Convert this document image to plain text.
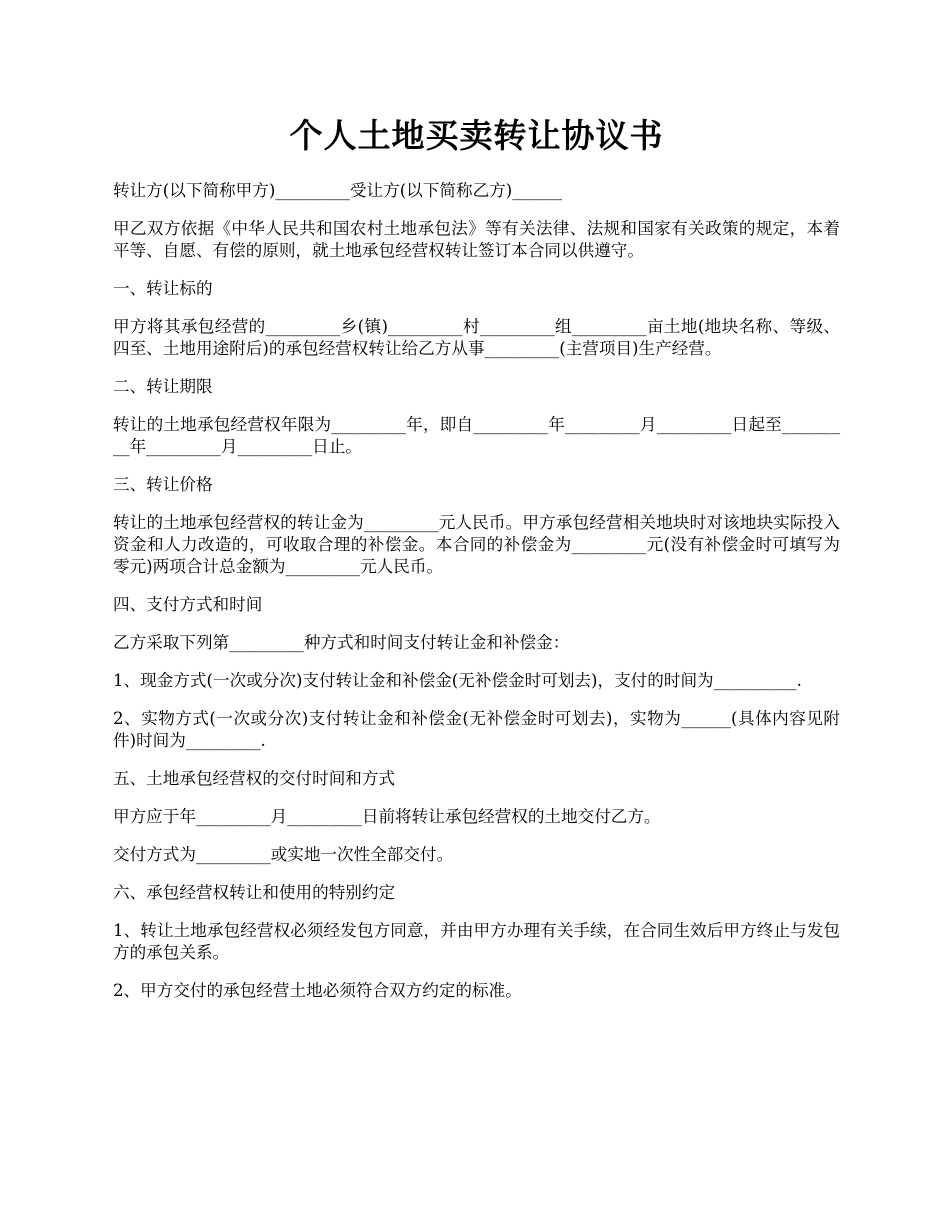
个人土地买卖转让协议书

转让方(以下简称甲方)_________受让方(以下简称乙方)______

甲乙双方依据《中华人民共和国农村土地承包法》等有关法律、法规和国家有关政策的规定，本着平等、自愿、有偿的原则，就土地承包经营权转让签订本合同以供遵守。

一、转让标的

甲方将其承包经营的_________乡(镇)_________村_________组_________亩土地(地块名称、等级、四至、土地用途附后)的承包经营权转让给乙方从事_________(主营项目)生产经营。

二、转让期限

转让的土地承包经营权年限为_________年，即自_________年_________月_________日起至_________年_________月_________日止。

三、转让价格

转让的土地承包经营权的转让金为_________元人民币。甲方承包经营相关地块时对该地块实际投入资金和人力改造的，可收取合理的补偿金。本合同的补偿金为_________元(没有补偿金时可填写为零元)两项合计总金额为_________元人民币。

四、支付方式和时间

乙方采取下列第_________种方式和时间支付转让金和补偿金：

1、现金方式(一次或分次)支付转让金和补偿金(无补偿金时可划去)，支付的时间为__________.

2、实物方式(一次或分次)支付转让金和补偿金(无补偿金时可划去)，实物为______(具体内容见附件)时间为_________.

五、土地承包经营权的交付时间和方式

甲方应于年_________月_________日前将转让承包经营权的土地交付乙方。

交付方式为_________或实地一次性全部交付。

六、承包经营权转让和使用的特别约定

1、转让土地承包经营权必须经发包方同意，并由甲方办理有关手续，在合同生效后甲方终止与发包方的承包关系。

2、甲方交付的承包经营土地必须符合双方约定的标准。
